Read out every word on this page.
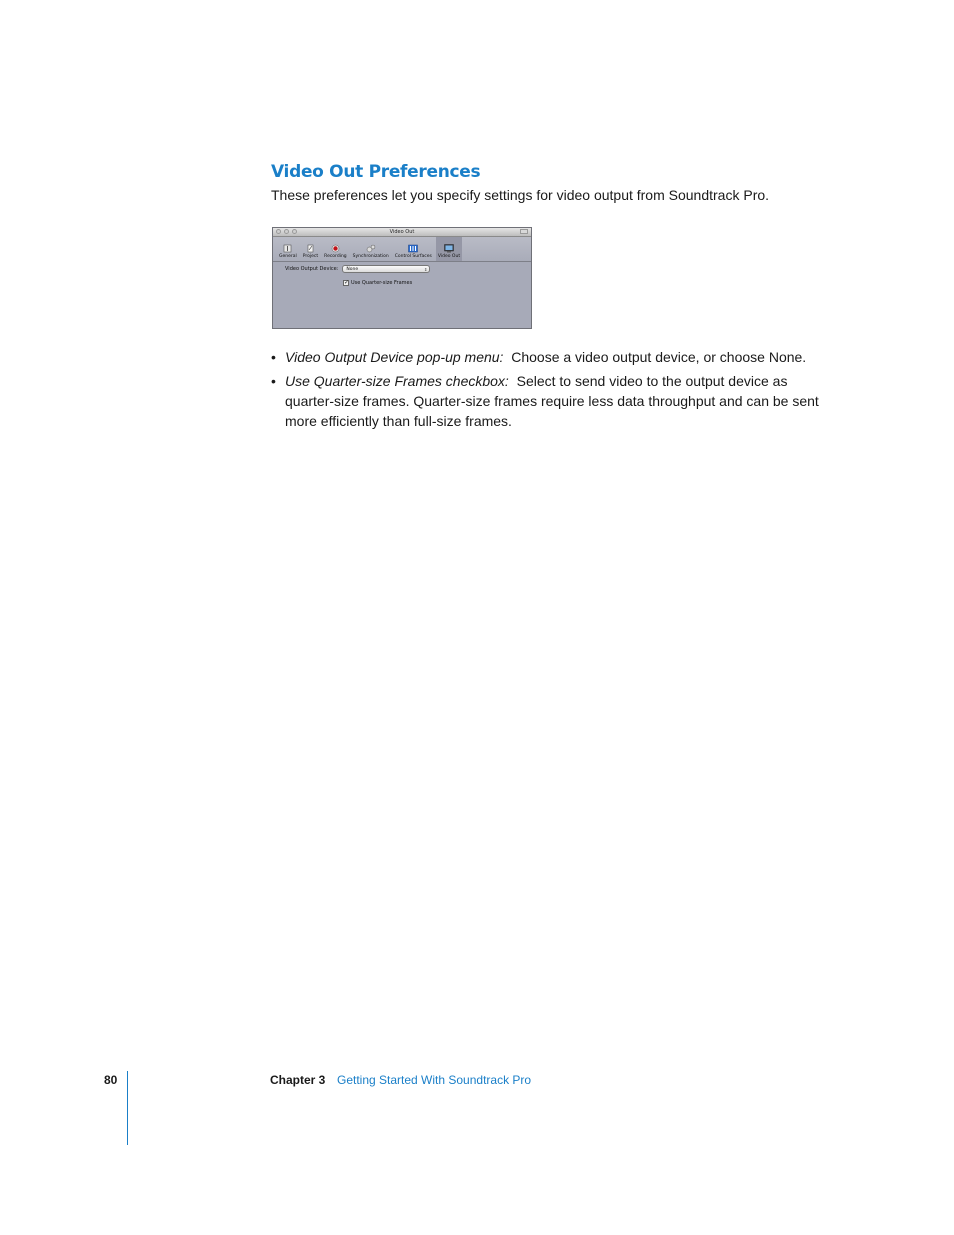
Video Out Preferences

These preferences let you specify settings for video output from Soundtrack Pro.

Video Out
General Project Recording Synchronization Control Surfaces Video Out
Video Output Device: None	⇕
✓ Use Quarter-size Frames
• Video Output Device pop-up menu: Choose a video output device, or choose None.
• Use Quarter-size Frames checkbox: Select to send video to the output device as quarter-size frames. Quarter-size frames require less data throughput and can be sent more efficiently than full-size frames.
80	Chapter 3 Getting Started With Soundtrack Pro
